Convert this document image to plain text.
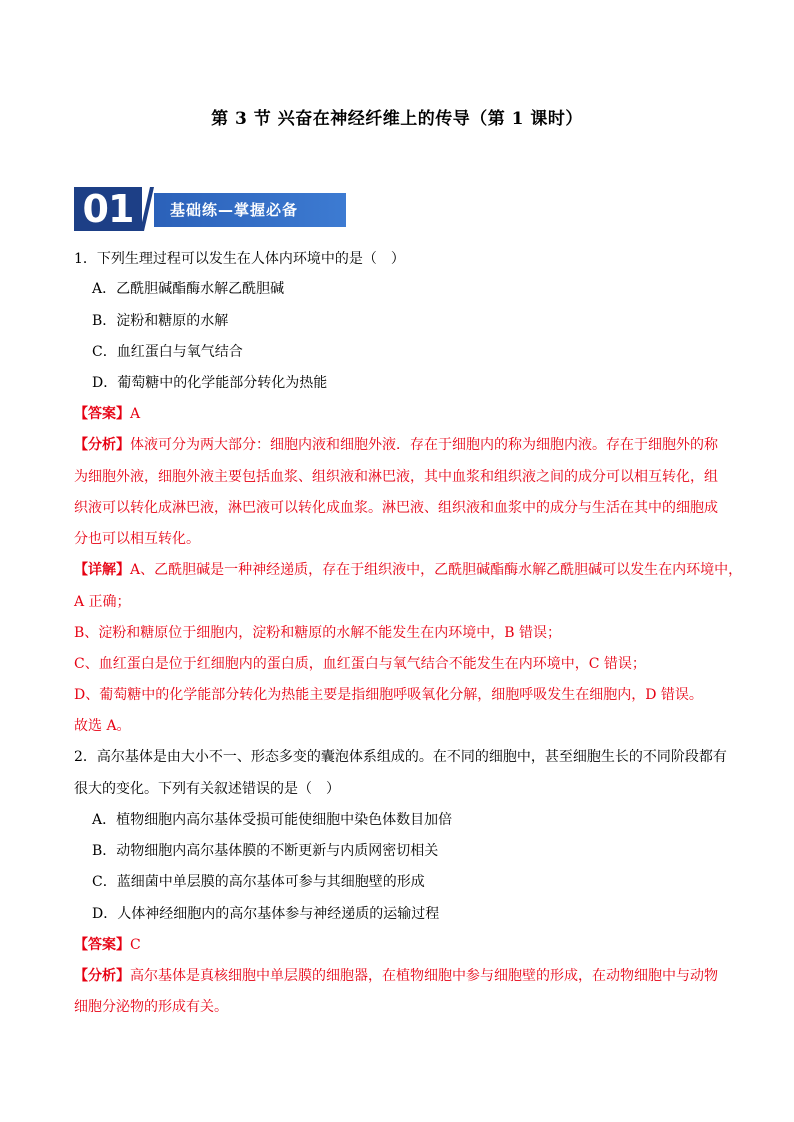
第 3 节 兴奋在神经纤维上的传导（第 1 课时）
01	基础练—掌握必备
1．下列生理过程可以发生在人体内环境中的是（　）
A．乙酰胆碱酯酶水解乙酰胆碱
B．淀粉和糖原的水解
C．血红蛋白与氧气结合
D．葡萄糖中的化学能部分转化为热能
【答案】A
【分析】体液可分为两大部分：细胞内液和细胞外液．存在于细胞内的称为细胞内液。存在于细胞外的称
为细胞外液，细胞外液主要包括血浆、组织液和淋巴液，其中血浆和组织液之间的成分可以相互转化，组
织液可以转化成淋巴液，淋巴液可以转化成血浆。淋巴液、组织液和血浆中的成分与生活在其中的细胞成
分也可以相互转化。
【详解】A、乙酰胆碱是一种神经递质，存在于组织液中，乙酰胆碱酯酶水解乙酰胆碱可以发生在内环境中，
A 正确；
B、淀粉和糖原位于细胞内，淀粉和糖原的水解不能发生在内环境中，B 错误；
C、血红蛋白是位于红细胞内的蛋白质，血红蛋白与氧气结合不能发生在内环境中，C 错误；
D、葡萄糖中的化学能部分转化为热能主要是指细胞呼吸氧化分解，细胞呼吸发生在细胞内，D 错误。
故选 A。
2．高尔基体是由大小不一、形态多变的囊泡体系组成的。在不同的细胞中，甚至细胞生长的不同阶段都有
很大的变化。下列有关叙述错误的是（　）
A．植物细胞内高尔基体受损可能使细胞中染色体数目加倍
B．动物细胞内高尔基体膜的不断更新与内质网密切相关
C．蓝细菌中单层膜的高尔基体可参与其细胞壁的形成
D．人体神经细胞内的高尔基体参与神经递质的运输过程
【答案】C
【分析】高尔基体是真核细胞中单层膜的细胞器，在植物细胞中参与细胞壁的形成，在动物细胞中与动物
细胞分泌物的形成有关。
